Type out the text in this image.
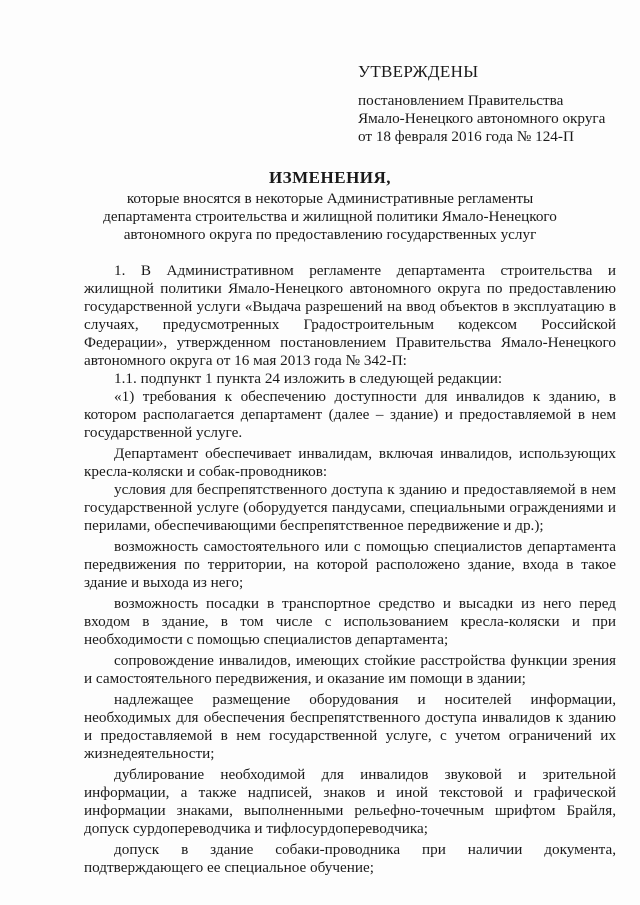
УТВЕРЖДЕНЫ
постановлением Правительства
Ямало-Ненецкого автономного округа
от 18 февраля 2016 года № 124-П
ИЗМЕНЕНИЯ,
которые вносятся в некоторые Административные регламенты
департамента строительства и жилищной политики Ямало-Ненецкого
автономного округа по предоставлению государственных услуг

1. В Административном регламенте департамента строительства и жилищной политики Ямало-Ненецкого автономного округа по предоставлению государственной услуги «Выдача разрешений на ввод объектов в эксплуатацию в случаях, предусмотренных Градостроительным кодексом Российской Федерации», утвержденном постановлением Правительства Ямало-Ненецкого автономного округа от 16 мая 2013 года № 342-П:

1.1. подпункт 1 пункта 24 изложить в следующей редакции:

«1) требования к обеспечению доступности для инвалидов к зданию, в котором располагается департамент (далее – здание) и предоставляемой в нем государственной услуге.

Департамент обеспечивает инвалидам, включая инвалидов, использующих кресла-коляски и собак-проводников:

условия для беспрепятственного доступа к зданию и предоставляемой в нем государственной услуге (оборудуется пандусами, специальными ограждениями и перилами, обеспечивающими беспрепятственное передвижение и др.);

возможность самостоятельного или с помощью специалистов департамента передвижения по территории, на которой расположено здание, входа в такое здание и выхода из него;

возможность посадки в транспортное средство и высадки из него перед входом в здание, в том числе с использованием кресла-коляски и при необходимости с помощью специалистов департамента;

сопровождение инвалидов, имеющих стойкие расстройства функции зрения и самостоятельного передвижения, и оказание им помощи в здании;

надлежащее размещение оборудования и носителей информации, необходимых для обеспечения беспрепятственного доступа инвалидов к зданию и предоставляемой в нем государственной услуге, с учетом ограничений их жизнедеятельности;

дублирование необходимой для инвалидов звуковой и зрительной информации, а также надписей, знаков и иной текстовой и графической информации знаками, выполненными рельефно-точечным шрифтом Брайля, допуск сурдопереводчика и тифлосурдопереводчика;

допуск в здание собаки-проводника при наличии документа, подтверждающего ее специальное обучение;
